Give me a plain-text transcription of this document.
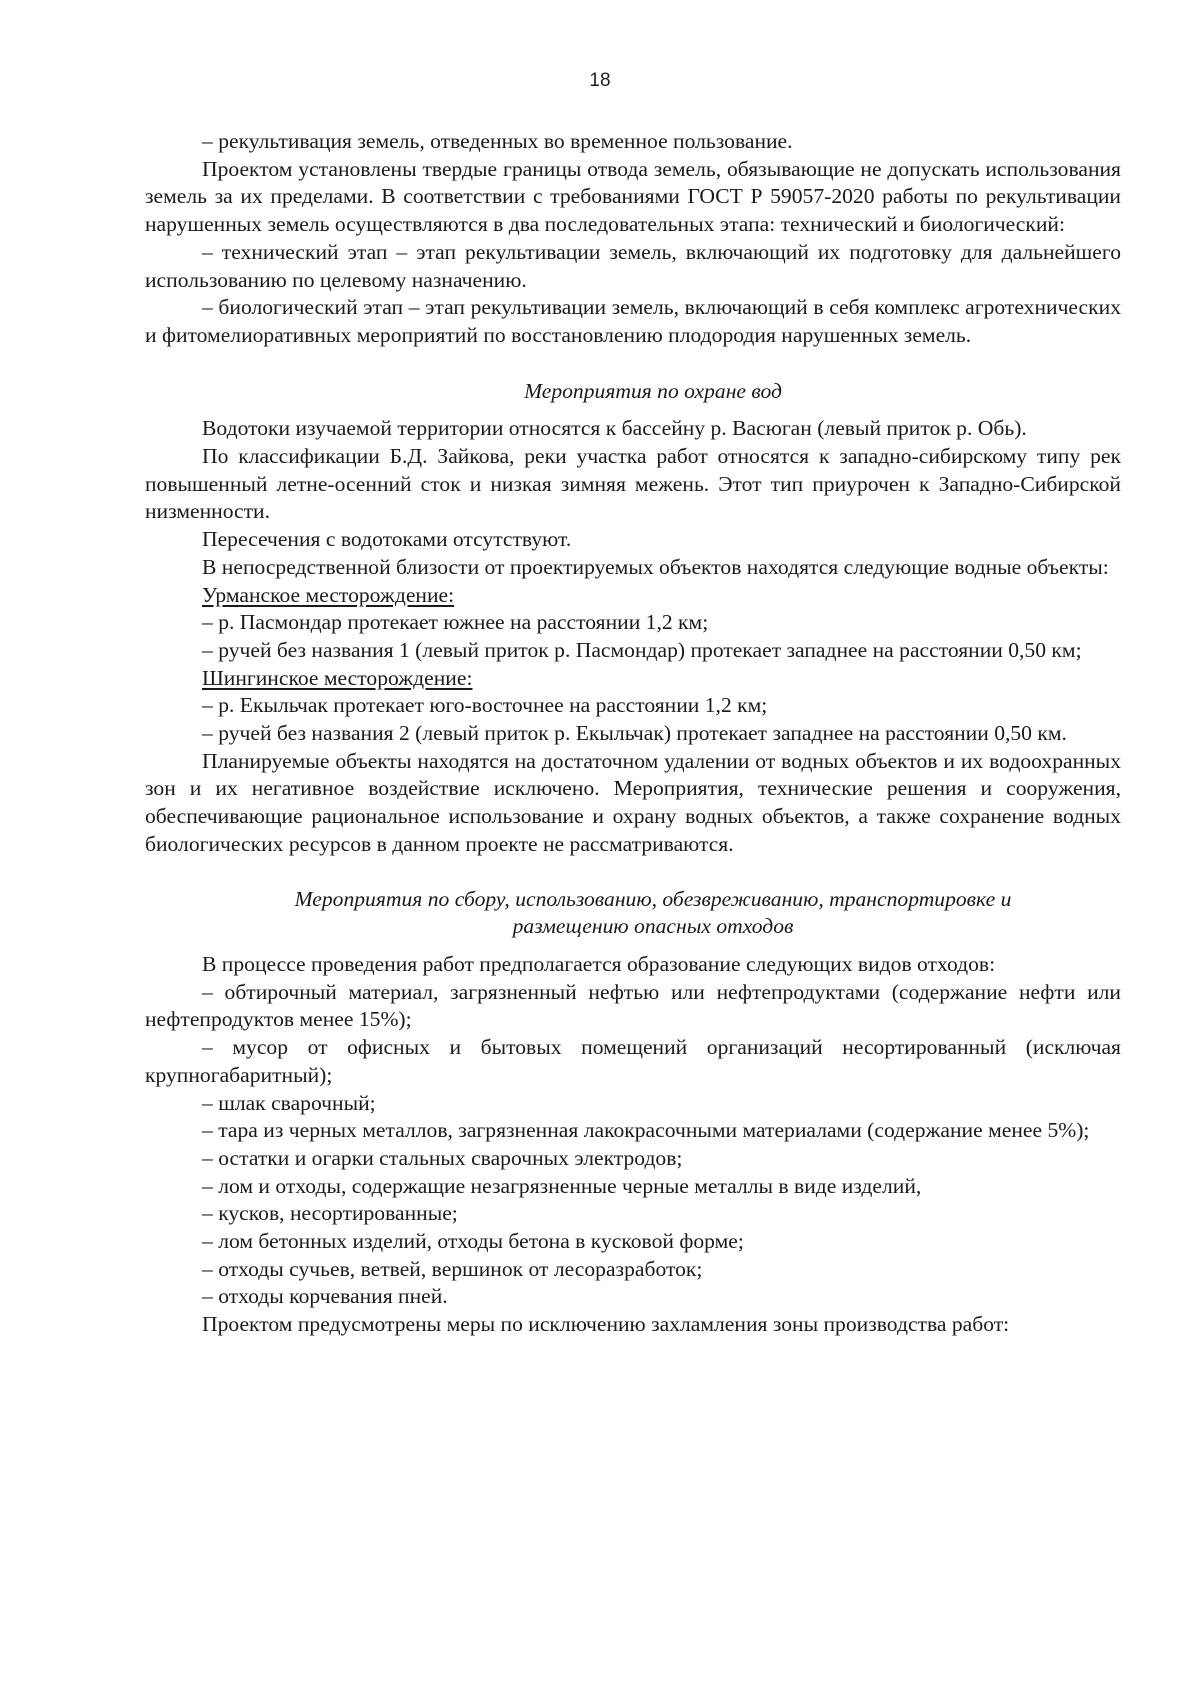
18

– рекультивация земель, отведенных во временное пользование.

Проектом установлены твердые границы отвода земель, обязывающие не допускать использования земель за их пределами. В соответствии с требованиями ГОСТ Р 59057-2020 работы по рекультивации нарушенных земель осуществляются в два последовательных этапа: технический и биологический:

– технический этап – этап рекультивации земель, включающий их подготовку для дальнейшего использованию по целевому назначению.

– биологический этап – этап рекультивации земель, включающий в себя комплекс агротехнических и фитомелиоративных мероприятий по восстановлению плодородия нарушенных земель.

Мероприятия по охране вод

Водотоки изучаемой территории относятся к бассейну р. Васюган (левый приток р. Обь).

По классификации Б.Д. Зайкова, реки участка работ относятся к западно-сибирскому типу рек повышенный летне-осенний сток и низкая зимняя межень. Этот тип приурочен к Западно-Сибирской низменности.

Пересечения с водотоками отсутствуют.

В непосредственной близости от проектируемых объектов находятся следующие водные объекты:

Урманское месторождение:

– р. Пасмондар протекает южнее на расстоянии 1,2 км;

– ручей без названия 1 (левый приток р. Пасмондар) протекает западнее на расстоянии 0,50 км;

Шингинское месторождение:

– р. Екыльчак протекает юго-восточнее на расстоянии 1,2 км;

– ручей без названия 2 (левый приток р. Екыльчак) протекает западнее на расстоянии 0,50 км.

Планируемые объекты находятся на достаточном удалении от водных объектов и их водоохранных зон и их негативное воздействие исключено. Мероприятия, технические решения и сооружения, обеспечивающие рациональное использование и охрану водных объектов, а также сохранение водных биологических ресурсов в данном проекте не рассматриваются.

Мероприятия по сбору, использованию, обезвреживанию, транспортировке и
размещению опасных отходов

В процессе проведения работ предполагается образование следующих видов отходов:

– обтирочный материал, загрязненный нефтью или нефтепродуктами (содержание нефти или нефтепродуктов менее 15%);

– мусор от офисных и бытовых помещений организаций несортированный (исключая крупногабаритный);

– шлак сварочный;

– тара из черных металлов, загрязненная лакокрасочными материалами (содержание менее 5%);

– остатки и огарки стальных сварочных электродов;

– лом и отходы, содержащие незагрязненные черные металлы в виде изделий,

– кусков, несортированные;

– лом бетонных изделий, отходы бетона в кусковой форме;

– отходы сучьев, ветвей, вершинок от лесоразработок;

– отходы корчевания пней.

Проектом предусмотрены меры по исключению захламления зоны производства работ:
